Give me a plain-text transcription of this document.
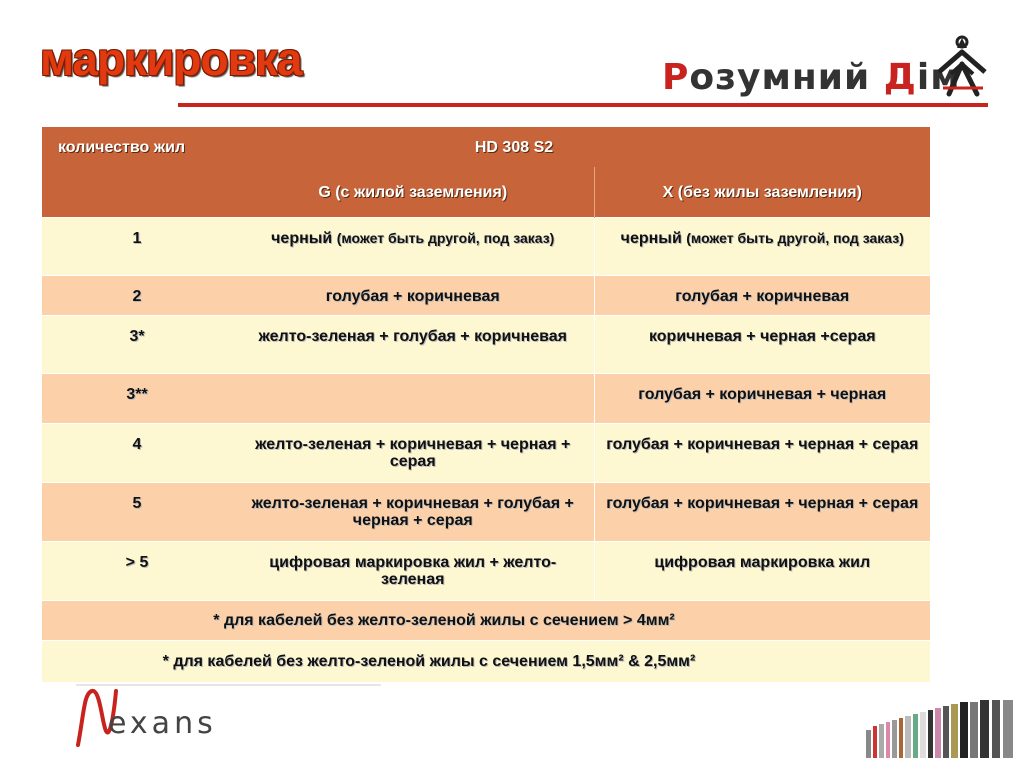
маркировка	Розумний Дім
количество жил	HD 308 S2	
	G (с жилой заземления)	X (без жилы заземления)
1	черный (может быть другой, под заказ)	черный (может быть другой, под заказ)
2	голубая + коричневая	голубая + коричневая
3*	желто-зеленая + голубая + коричневая	коричневая + черная +серая
3**		голубая + коричневая + черная
4	желто-зеленая + коричневая + черная + серая	голубая + коричневая + черная + серая
5	желто-зеленая + коричневая + голубая + черная + серая	голубая + коричневая + черная + серая
> 5	цифровая маркировка жил + желто-зеленая	цифровая маркировка жил
* для кабелей без желто-зеленой жилы с сечением > 4мм²		
* для кабелей без желто-зеленой жилы с сечением 1,5мм² & 2,5мм²		
exans
